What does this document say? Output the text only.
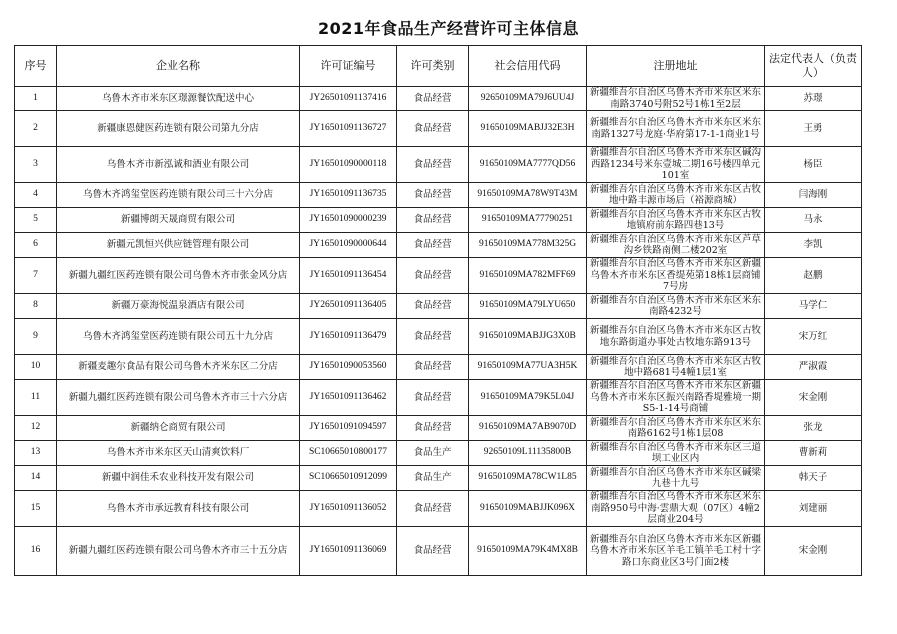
2021年食品生产经营许可主体信息
序号	企业名称	许可证编号	许可类别	社会信用代码	注册地址	法定代表人（负责人）
1	乌鲁木齐市米东区璟源餐饮配送中心	JY26501091137416	食品经营	92650109MA79J6UU4J	新疆维吾尔自治区乌鲁木齐市米东区米东南路3740号附52号1栋1至2层	苏璟
2	新疆康恩健医药连锁有限公司第九分店	JY16501091136727	食品经营	91650109MABJJ32E3H	新疆维吾尔自治区乌鲁木齐市米东区米东南路1327号龙庭·华府第17-1-1商业1号	王勇
3	乌鲁木齐市新泓诚和酒业有限公司	JY16501090000118	食品经营	91650109MA7777QD56	新疆维吾尔自治区乌鲁木齐市米东区碱沟西路1234号米东壹城二期16号楼四单元101室	杨臣
4	乌鲁木齐鸿玺堂医药连锁有限公司三十六分店	JY16501091136735	食品经营	91650109MA78W9T43M	新疆维吾尔自治区乌鲁木齐市米东区古牧地中路丰源市场后（裕源商城）	闫海刚
5	新疆博朗天晟商贸有限公司	JY16501090000239	食品经营	91650109MA77790251	新疆维吾尔自治区乌鲁木齐市米东区古牧地镇府前东路四巷13号	马永
6	新疆元凯恒兴供应链管理有限公司	JY16501090000644	食品经营	91650109MA778M325G	新疆维吾尔自治区乌鲁木齐市米东区芦草沟乡铁路南侧二楼202室	李凯
7	新疆九疆红医药连锁有限公司乌鲁木齐市张金风分店	JY16501091136454	食品经营	91650109MA782MFF69	新疆维吾尔自治区乌鲁木齐市米东区新疆乌鲁木齐市米东区香缇苑第18栋1层商铺7号房	赵鹏
8	新疆万豪海悦温泉酒店有限公司	JY26501091136405	食品经营	91650109MA79LYU650	新疆维吾尔自治区乌鲁木齐市米东区米东南路4232号	马学仁
9	乌鲁木齐鸿玺堂医药连锁有限公司五十九分店	JY16501091136479	食品经营	91650109MABJJG3X0B	新疆维吾尔自治区乌鲁木齐市米东区古牧地东路街道办事处古牧地东路913号	宋万红
10	新疆麦趣尔食品有限公司乌鲁木齐米东区二分店	JY16501090053560	食品经营	91650109MA77UA3H5K	新疆维吾尔自治区乌鲁木齐市米东区古牧地中路681号4幢1层1室	严淑霞
11	新疆九疆红医药连锁有限公司乌鲁木齐市三十六分店	JY16501091136462	食品经营	91650109MA79K5L04J	新疆维吾尔自治区乌鲁木齐市米东区新疆乌鲁木齐市米东区振兴南路香堤雅境一期S5-1-14号商铺	宋金刚
12	新疆纳仑商贸有限公司	JY16501091094597	食品经营	91650109MA7AB9070D	新疆维吾尔自治区乌鲁木齐市米东区米东南路6162号1栋1层08	张龙
13	乌鲁木齐市米东区天山清爽饮料厂	SC10665010800177	食品生产	92650109L11135800B	新疆维吾尔自治区乌鲁木齐市米东区三道坝工业区内	曹新莉
14	新疆中润佳禾农业科技开发有限公司	SC10665010912099	食品生产	91650109MA78CW1L85	新疆维吾尔自治区乌鲁木齐市米东区碱梁九巷十九号	韩天子
15	乌鲁木齐市承远教育科技有限公司	JY16501091136052	食品经营	91650109MABJJK096X	新疆维吾尔自治区乌鲁木齐市米东区米东南路950号中海·雲鼎大观（07区）4幢2层商业204号	刘建丽
16	新疆九疆红医药连锁有限公司乌鲁木齐市三十五分店	JY16501091136069	食品经营	91650109MA79K4MX8B	新疆维吾尔自治区乌鲁木齐市米东区新疆乌鲁木齐市米东区羊毛工镇羊毛工村十字路口东商业区3号门面2楼	宋金刚
